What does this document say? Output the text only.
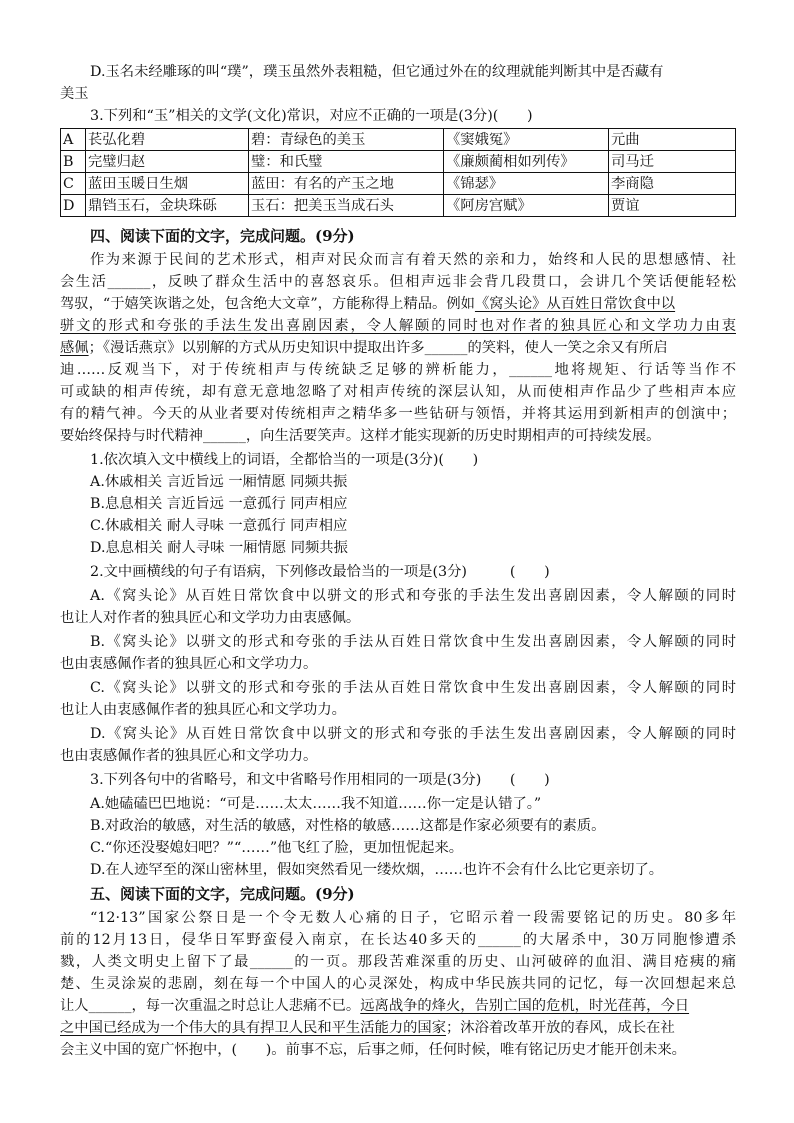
D.玉名未经雕琢的叫“璞”，璞玉虽然外表粗糙，但它通过外在的纹理就能判断其中是否藏有
美玉
3.下列和“玉”相关的文学(文化)常识，对应不正确的一项是(3分)(　　)
A	苌弘化碧	碧：青绿色的美玉	《窦娥冤》	元曲
B	完璧归赵	璧：和氏璧	《廉颇蔺相如列传》	司马迁
C	蓝田玉暖日生烟	蓝田：有名的产玉之地	《锦瑟》	李商隐
D	鼎铛玉石，金块珠砾	玉石：把美玉当成石头	《阿房宫赋》	贾谊
四、阅读下面的文字，完成问题。(9分)
作为来源于民间的艺术形式，相声对民众而言有着天然的亲和力，始终和人民的思想感情、社
会生活______，反映了群众生活中的喜怒哀乐。但相声远非会背几段贯口，会讲几个笑话便能轻松
驾驭，“于嬉笑诙谐之处，包含绝大文章”，方能称得上精品。例如《窝头论》从百姓日常饮食中以
骈文的形式和夸张的手法生发出喜剧因素，令人解颐的同时也对作者的独具匠心和文学功力由衷
感佩；《漫话燕京》以别解的方式从历史知识中提取出许多______的笑料，使人一笑之余又有所启
迪……反观当下，对于传统相声与传统缺乏足够的辨析能力，______地将规矩、行话等当作不
可或缺的相声传统，却有意无意地忽略了对相声传统的深层认知，从而使相声作品少了些相声本应
有的精气神。今天的从业者要对传统相声之精华多一些钻研与领悟，并将其运用到新相声的创演中；
要始终保持与时代精神______，向生活要笑声。这样才能实现新的历史时期相声的可持续发展。
1.依次填入文中横线上的词语，全都恰当的一项是(3分)(　　)
A.休戚相关 言近旨远 一厢情愿 同频共振
B.息息相关 言近旨远 一意孤行 同声相应
C.休戚相关 耐人寻味 一意孤行 同声相应
D.息息相关 耐人寻味 一厢情愿 同频共振
2.文中画横线的句子有语病，下列修改最恰当的一项是(3分)　　　(　　)
A.《窝头论》从百姓日常饮食中以骈文的形式和夸张的手法生发出喜剧因素，令人解颐的同时
也让人对作者的独具匠心和文学功力由衷感佩。
B.《窝头论》以骈文的形式和夸张的手法从百姓日常饮食中生发出喜剧因素，令人解颐的同时
也由衷感佩作者的独具匠心和文学功力。
C.《窝头论》以骈文的形式和夸张的手法从百姓日常饮食中生发出喜剧因素，令人解颐的同时
也让人由衷感佩作者的独具匠心和文学功力。
D.《窝头论》从百姓日常饮食中以骈文的形式和夸张的手法生发出喜剧因素，令人解颐的同时
也由衷感佩作者的独具匠心和文学功力。
3.下列各句中的省略号，和文中省略号作用相同的一项是(3分)　　(　　)
A.她磕磕巴巴地说：“可是……太太……我不知道……你一定是认错了。”
B.对政治的敏感，对生活的敏感，对性格的敏感……这都是作家必须要有的素质。
C.“你还没娶媳妇吧？”“……”他飞红了脸，更加忸怩起来。
D.在人迹罕至的深山密林里，假如突然看见一缕炊烟，……也许不会有什么比它更亲切了。
五、阅读下面的文字，完成问题。(9分)
“12·13”国家公祭日是一个令无数人心痛的日子，它昭示着一段需要铭记的历史。80多年
前的12月13日，侵华日军野蛮侵入南京，在长达40多天的______的大屠杀中，30万同胞惨遭杀
戮，人类文明史上留下了最______的一页。那段苦难深重的历史、山河破碎的血泪、满目疮痍的痛
楚、生灵涂炭的悲剧，刻在每一个中国人的心灵深处，构成中华民族共同的记忆，每一次回想起来总
让人______，每一次重温之时总让人悲痛不已。远离战争的烽火，告别亡国的危机，时光荏苒，今日
之中国已经成为一个伟大的具有捍卫人民和平生活能力的国家；沐浴着改革开放的春风，成长在社
会主义中国的宽广怀抱中，(　　)。前事不忘，后事之师，任何时候，唯有铭记历史才能开创未来。
